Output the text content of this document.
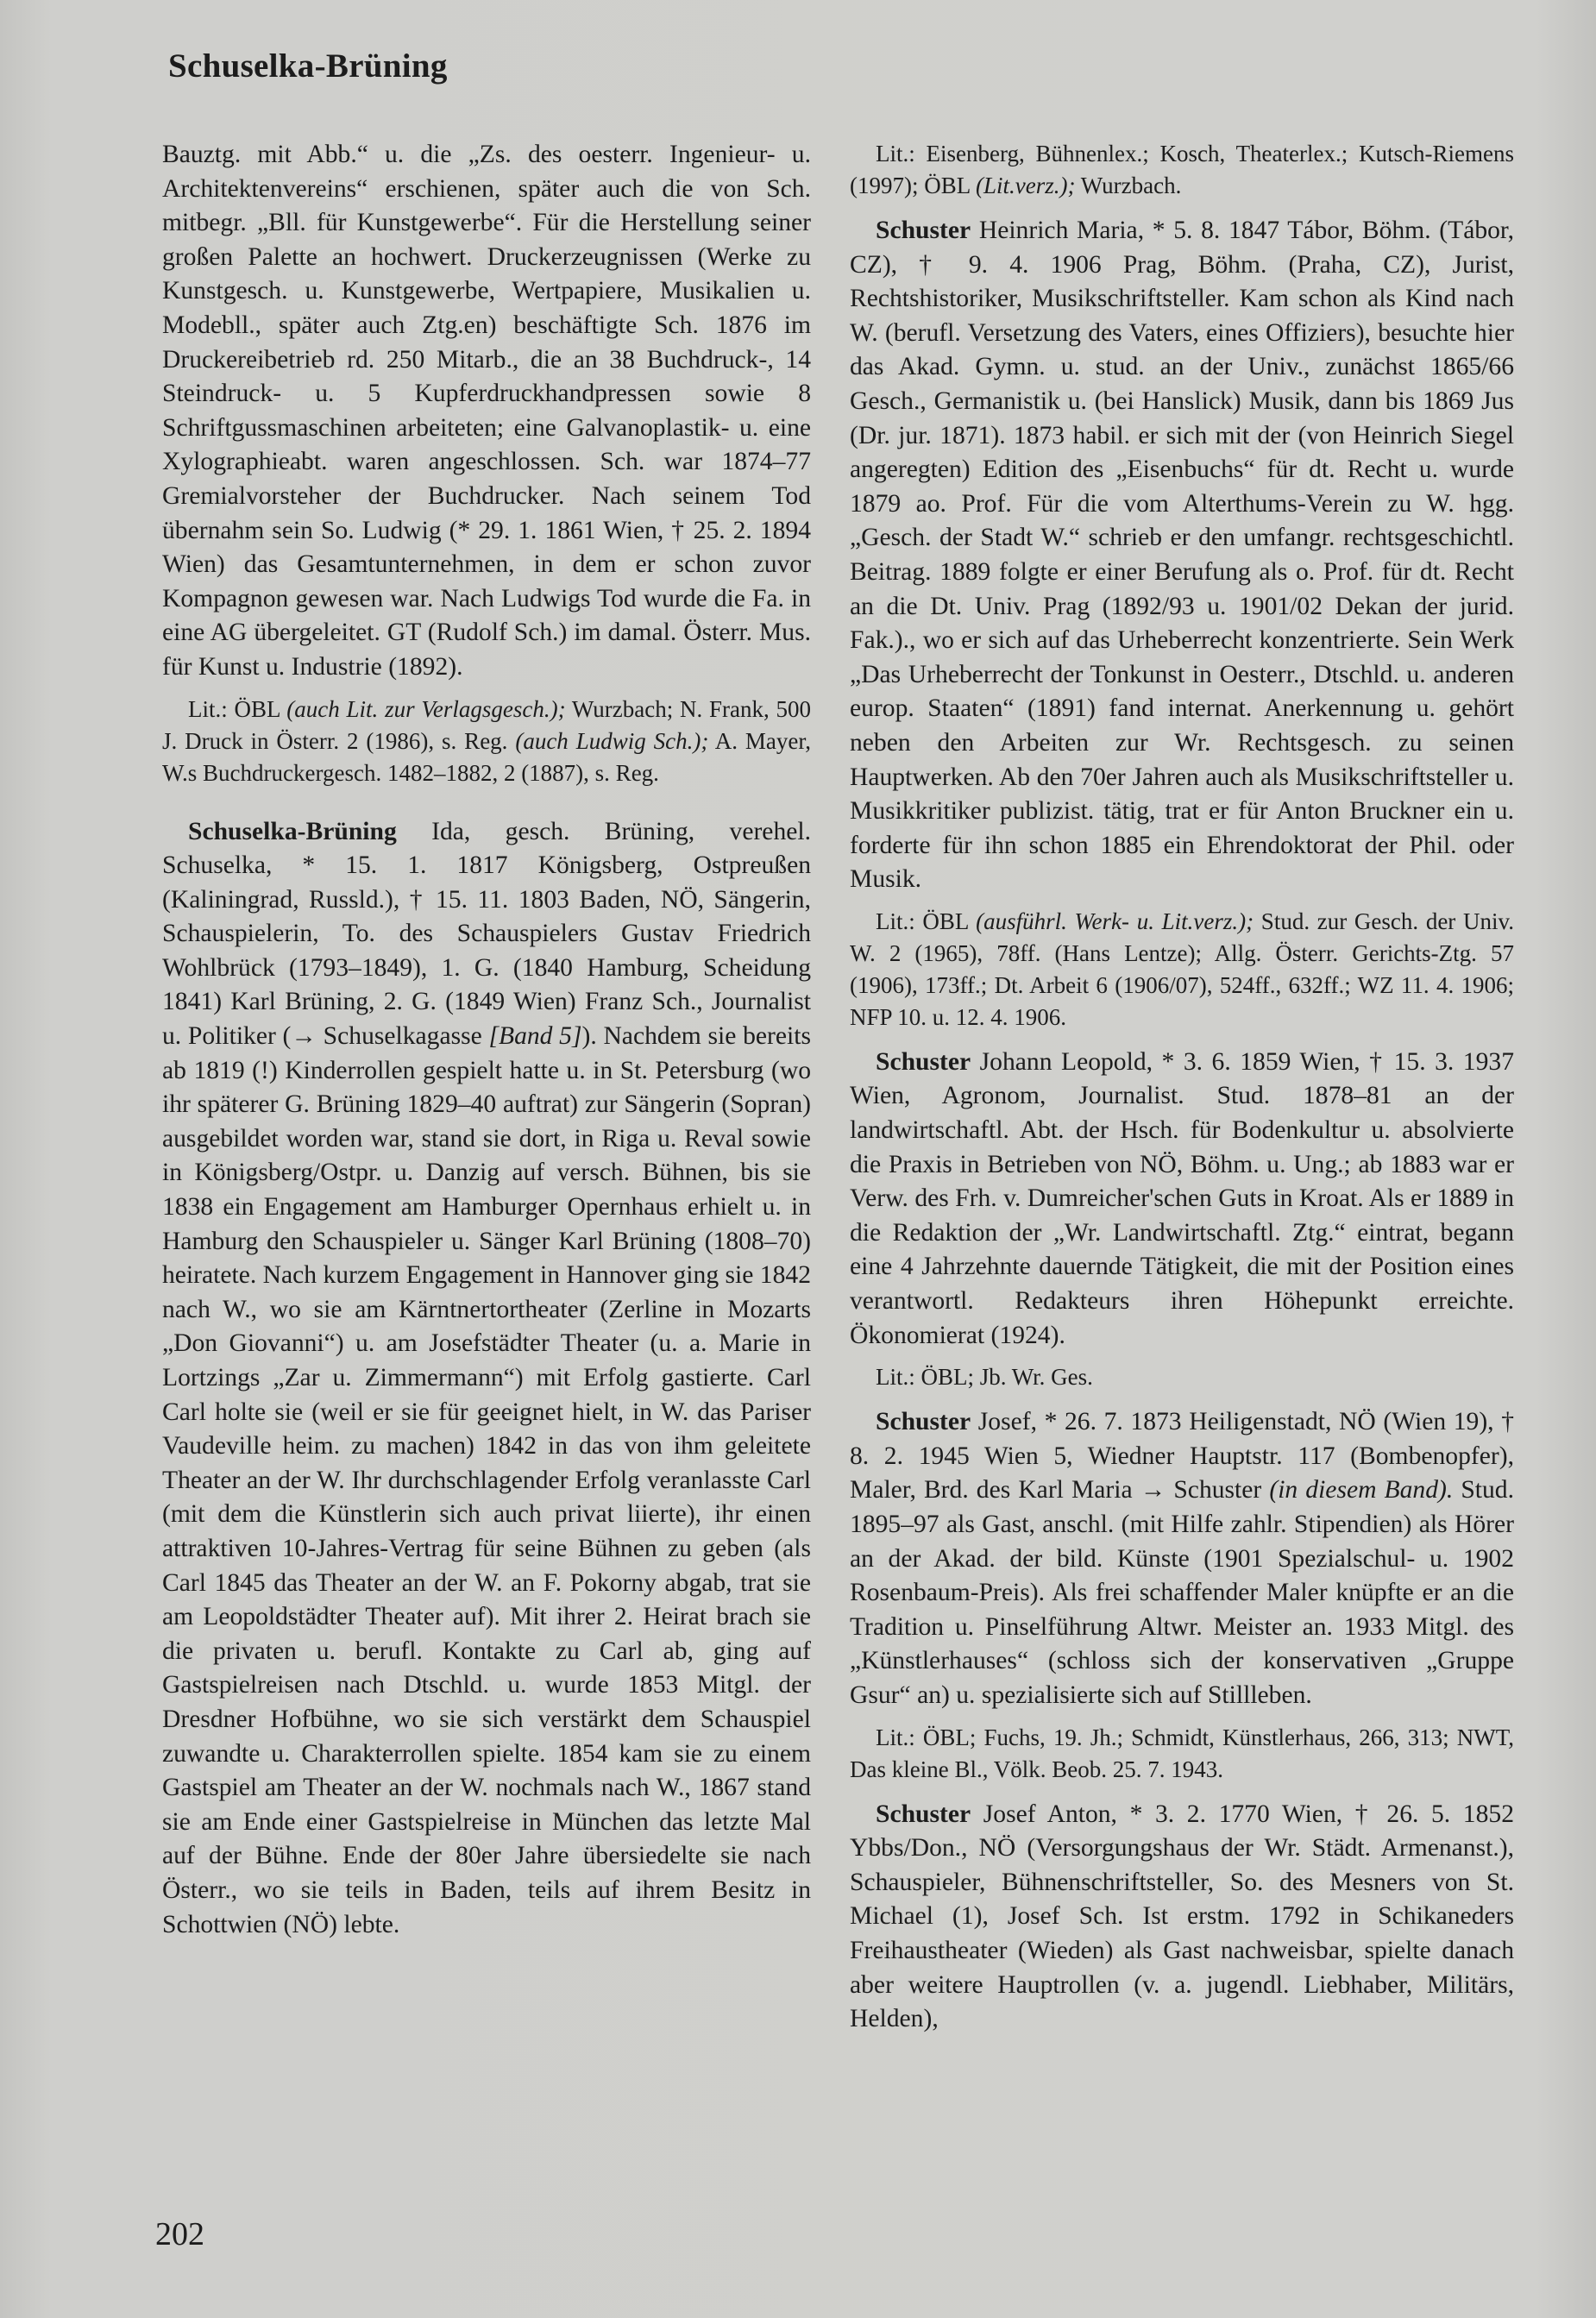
Schuselka-Brüning

Bauztg. mit Abb.“ u. die „Zs. des oesterr. Ingenieur- u. Architektenvereins“ erschienen, später auch die von Sch. mitbegr. „Bll. für Kunstgewerbe“. Für die Herstellung seiner großen Palette an hochwert. Druckerzeugnissen (Werke zu Kunstgesch. u. Kunstgewerbe, Wertpapiere, Musikalien u. Modebll., später auch Ztg.en) beschäftigte Sch. 1876 im Druckereibetrieb rd. 250 Mitarb., die an 38 Buchdruck-, 14 Steindruck- u. 5 Kupferdruckhandpressen sowie 8 Schriftgussmaschinen arbeiteten; eine Galvanoplastik- u. eine Xylographieabt. waren angeschlossen. Sch. war 1874–77 Gremialvorsteher der Buchdrucker. Nach seinem Tod übernahm sein So. Ludwig (* 29. 1. 1861 Wien, † 25. 2. 1894 Wien) das Gesamtunternehmen, in dem er schon zuvor Kompagnon gewesen war. Nach Ludwigs Tod wurde die Fa. in eine AG übergeleitet. GT (Rudolf Sch.) im damal. Österr. Mus. für Kunst u. Industrie (1892).

Lit.: ÖBL (auch Lit. zur Verlagsgesch.); Wurzbach; N. Frank, 500 J. Druck in Österr. 2 (1986), s. Reg. (auch Ludwig Sch.); A. Mayer, W.s Buchdruckergesch. 1482–1882, 2 (1887), s. Reg.

Schuselka-Brüning Ida, gesch. Brüning, verehel. Schuselka, * 15. 1. 1817 Königsberg, Ostpreußen (Kaliningrad, Russld.), † 15. 11. 1803 Baden, NÖ, Sängerin, Schauspielerin, To. des Schauspielers Gustav Friedrich Wohlbrück (1793–1849), 1. G. (1840 Hamburg, Scheidung 1841) Karl Brüning, 2. G. (1849 Wien) Franz Sch., Journalist u. Politiker (→ Schuselkagasse [Band 5]). Nachdem sie bereits ab 1819 (!) Kinderrollen gespielt hatte u. in St. Petersburg (wo ihr späterer G. Brüning 1829–40 auftrat) zur Sängerin (Sopran) ausgebildet worden war, stand sie dort, in Riga u. Reval sowie in Königsberg/Ostpr. u. Danzig auf versch. Bühnen, bis sie 1838 ein Engagement am Hamburger Opernhaus erhielt u. in Hamburg den Schauspieler u. Sänger Karl Brüning (1808–70) heiratete. Nach kurzem Engagement in Hannover ging sie 1842 nach W., wo sie am Kärntnertortheater (Zerline in Mozarts „Don Giovanni“) u. am Josefstädter Theater (u. a. Marie in Lortzings „Zar u. Zimmermann“) mit Erfolg gastierte. Carl Carl holte sie (weil er sie für geeignet hielt, in W. das Pariser Vaudeville heim. zu machen) 1842 in das von ihm geleitete Theater an der W. Ihr durchschlagender Erfolg veranlasste Carl (mit dem die Künstlerin sich auch privat liierte), ihr einen attraktiven 10-Jahres-Vertrag für seine Bühnen zu geben (als Carl 1845 das Theater an der W. an F. Pokorny abgab, trat sie am Leopoldstädter Theater auf). Mit ihrer 2. Heirat brach sie die privaten u. berufl. Kontakte zu Carl ab, ging auf Gastspielreisen nach Dtschld. u. wurde 1853 Mitgl. der Dresdner Hofbühne, wo sie sich verstärkt dem Schauspiel zuwandte u. Charakterrollen spielte. 1854 kam sie zu einem Gastspiel am Theater an der W. nochmals nach W., 1867 stand sie am Ende einer Gastspielreise in München das letzte Mal auf der Bühne. Ende der 80er Jahre übersiedelte sie nach Österr., wo sie teils in Baden, teils auf ihrem Besitz in Schottwien (NÖ) lebte.

Lit.: Eisenberg, Bühnenlex.; Kosch, Theaterlex.; Kutsch-Riemens (1997); ÖBL (Lit.verz.); Wurzbach.

Schuster Heinrich Maria, * 5. 8. 1847 Tábor, Böhm. (Tábor, CZ), † 9. 4. 1906 Prag, Böhm. (Praha, CZ), Jurist, Rechtshistoriker, Musikschriftsteller. Kam schon als Kind nach W. (berufl. Versetzung des Vaters, eines Offiziers), besuchte hier das Akad. Gymn. u. stud. an der Univ., zunächst 1865/66 Gesch., Germanistik u. (bei Hanslick) Musik, dann bis 1869 Jus (Dr. jur. 1871). 1873 habil. er sich mit der (von Heinrich Siegel angeregten) Edition des „Eisenbuchs“ für dt. Recht u. wurde 1879 ao. Prof. Für die vom Alterthums-Verein zu W. hgg. „Gesch. der Stadt W.“ schrieb er den umfangr. rechtsgeschichtl. Beitrag. 1889 folgte er einer Berufung als o. Prof. für dt. Recht an die Dt. Univ. Prag (1892/93 u. 1901/02 Dekan der jurid. Fak.)., wo er sich auf das Urheberrecht konzentrierte. Sein Werk „Das Urheberrecht der Tonkunst in Oesterr., Dtschld. u. anderen europ. Staaten“ (1891) fand internat. Anerkennung u. gehört neben den Arbeiten zur Wr. Rechtsgesch. zu seinen Hauptwerken. Ab den 70er Jahren auch als Musikschriftsteller u. Musikkritiker publizist. tätig, trat er für Anton Bruckner ein u. forderte für ihn schon 1885 ein Ehrendoktorat der Phil. oder Musik.

Lit.: ÖBL (ausführl. Werk- u. Lit.verz.); Stud. zur Gesch. der Univ. W. 2 (1965), 78ff. (Hans Lentze); Allg. Österr. Gerichts-Ztg. 57 (1906), 173ff.; Dt. Arbeit 6 (1906/07), 524ff., 632ff.; WZ 11. 4. 1906; NFP 10. u. 12. 4. 1906.

Schuster Johann Leopold, * 3. 6. 1859 Wien, † 15. 3. 1937 Wien, Agronom, Journalist. Stud. 1878–81 an der landwirtschaftl. Abt. der Hsch. für Bodenkultur u. absolvierte die Praxis in Betrieben von NÖ, Böhm. u. Ung.; ab 1883 war er Verw. des Frh. v. Dumreicher'schen Guts in Kroat. Als er 1889 in die Redaktion der „Wr. Landwirtschaftl. Ztg.“ eintrat, begann eine 4 Jahrzehnte dauernde Tätigkeit, die mit der Position eines verantwortl. Redakteurs ihren Höhepunkt erreichte. Ökonomierat (1924).

Lit.: ÖBL; Jb. Wr. Ges.

Schuster Josef, * 26. 7. 1873 Heiligenstadt, NÖ (Wien 19), † 8. 2. 1945 Wien 5, Wiedner Hauptstr. 117 (Bombenopfer), Maler, Brd. des Karl Maria → Schuster (in diesem Band). Stud. 1895–97 als Gast, anschl. (mit Hilfe zahlr. Stipendien) als Hörer an der Akad. der bild. Künste (1901 Spezialschul- u. 1902 Rosenbaum-Preis). Als frei schaffender Maler knüpfte er an die Tradition u. Pinselführung Altwr. Meister an. 1933 Mitgl. des „Künstlerhauses“ (schloss sich der konservativen „Gruppe Gsur“ an) u. spezialisierte sich auf Stillleben.

Lit.: ÖBL; Fuchs, 19. Jh.; Schmidt, Künstlerhaus, 266, 313; NWT, Das kleine Bl., Völk. Beob. 25. 7. 1943.

Schuster Josef Anton, * 3. 2. 1770 Wien, † 26. 5. 1852 Ybbs/Don., NÖ (Versorgungshaus der Wr. Städt. Armenanst.), Schauspieler, Bühnenschriftsteller, So. des Mesners von St. Michael (1), Josef Sch. Ist erstm. 1792 in Schikaneders Freihaustheater (Wieden) als Gast nachweisbar, spielte danach aber weitere Hauptrollen (v. a. jugendl. Liebhaber, Militärs, Helden),

202
